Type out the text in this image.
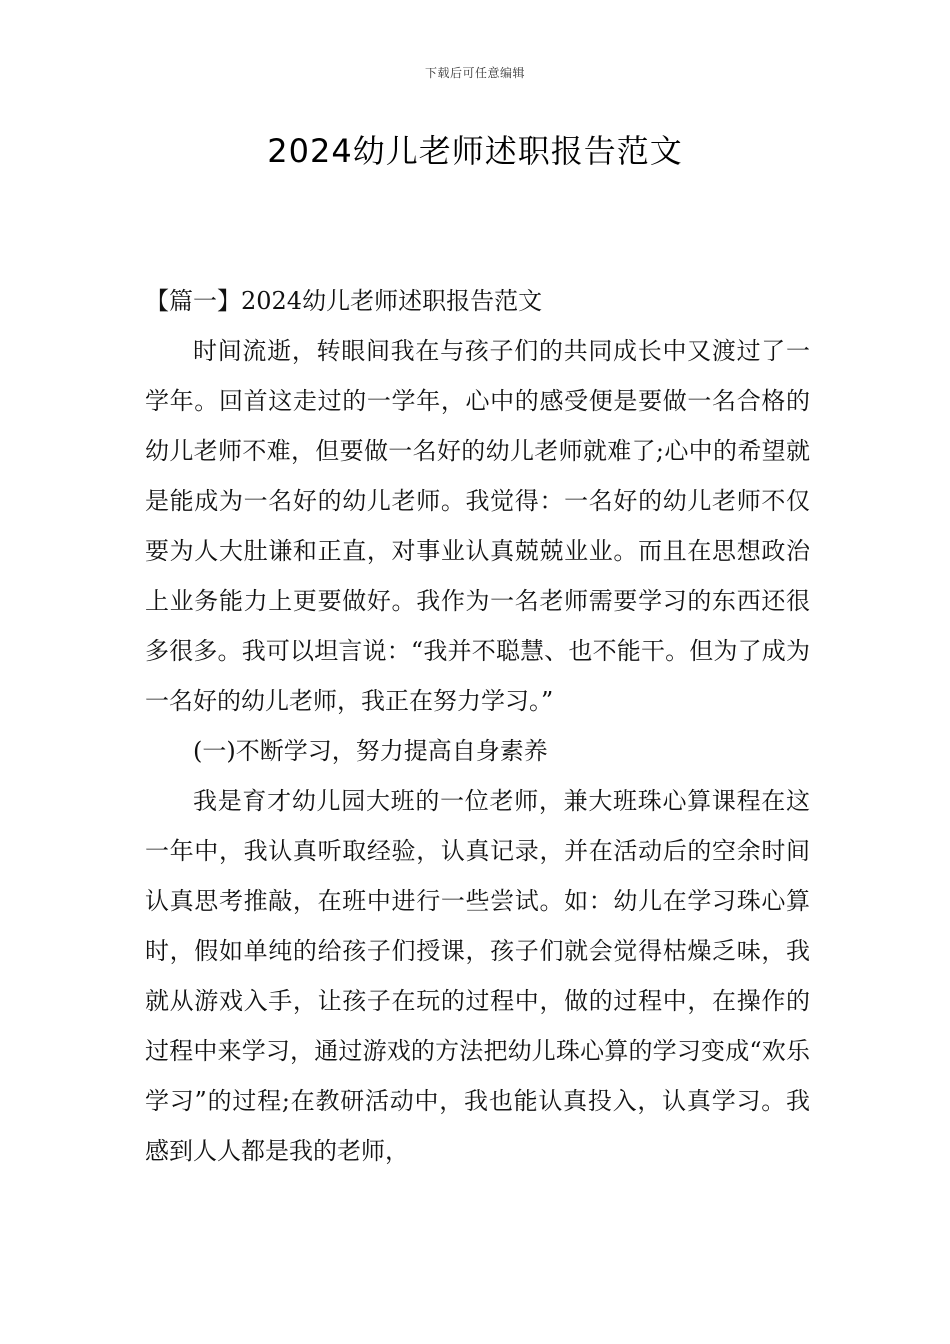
下载后可任意编辑
2024幼儿老师述职报告范文

【篇一】2024幼儿老师述职报告范文

时间流逝，转眼间我在与孩子们的共同成长中又渡过了一学年。回首这走过的一学年，心中的感受便是要做一名合格的幼儿老师不难，但要做一名好的幼儿老师就难了;心中的希望就是能成为一名好的幼儿老师。我觉得：一名好的幼儿老师不仅要为人大肚谦和正直，对事业认真兢兢业业。而且在思想政治上业务能力上更要做好。我作为一名老师需要学习的东西还很多很多。我可以坦言说：“我并不聪慧、也不能干。但为了成为一名好的幼儿老师，我正在努力学习。”

(一)不断学习，努力提高自身素养

我是育才幼儿园大班的一位老师，兼大班珠心算课程在这一年中，我认真听取经验，认真记录，并在活动后的空余时间认真思考推敲，在班中进行一些尝试。如：幼儿在学习珠心算时，假如单纯的给孩子们授课，孩子们就会觉得枯燥乏味，我就从游戏入手，让孩子在玩的过程中，做的过程中，在操作的过程中来学习，通过游戏的方法把幼儿珠心算的学习变成“欢乐学习”的过程;在教研活动中，我也能认真投入，认真学习。我感到人人都是我的老师，
